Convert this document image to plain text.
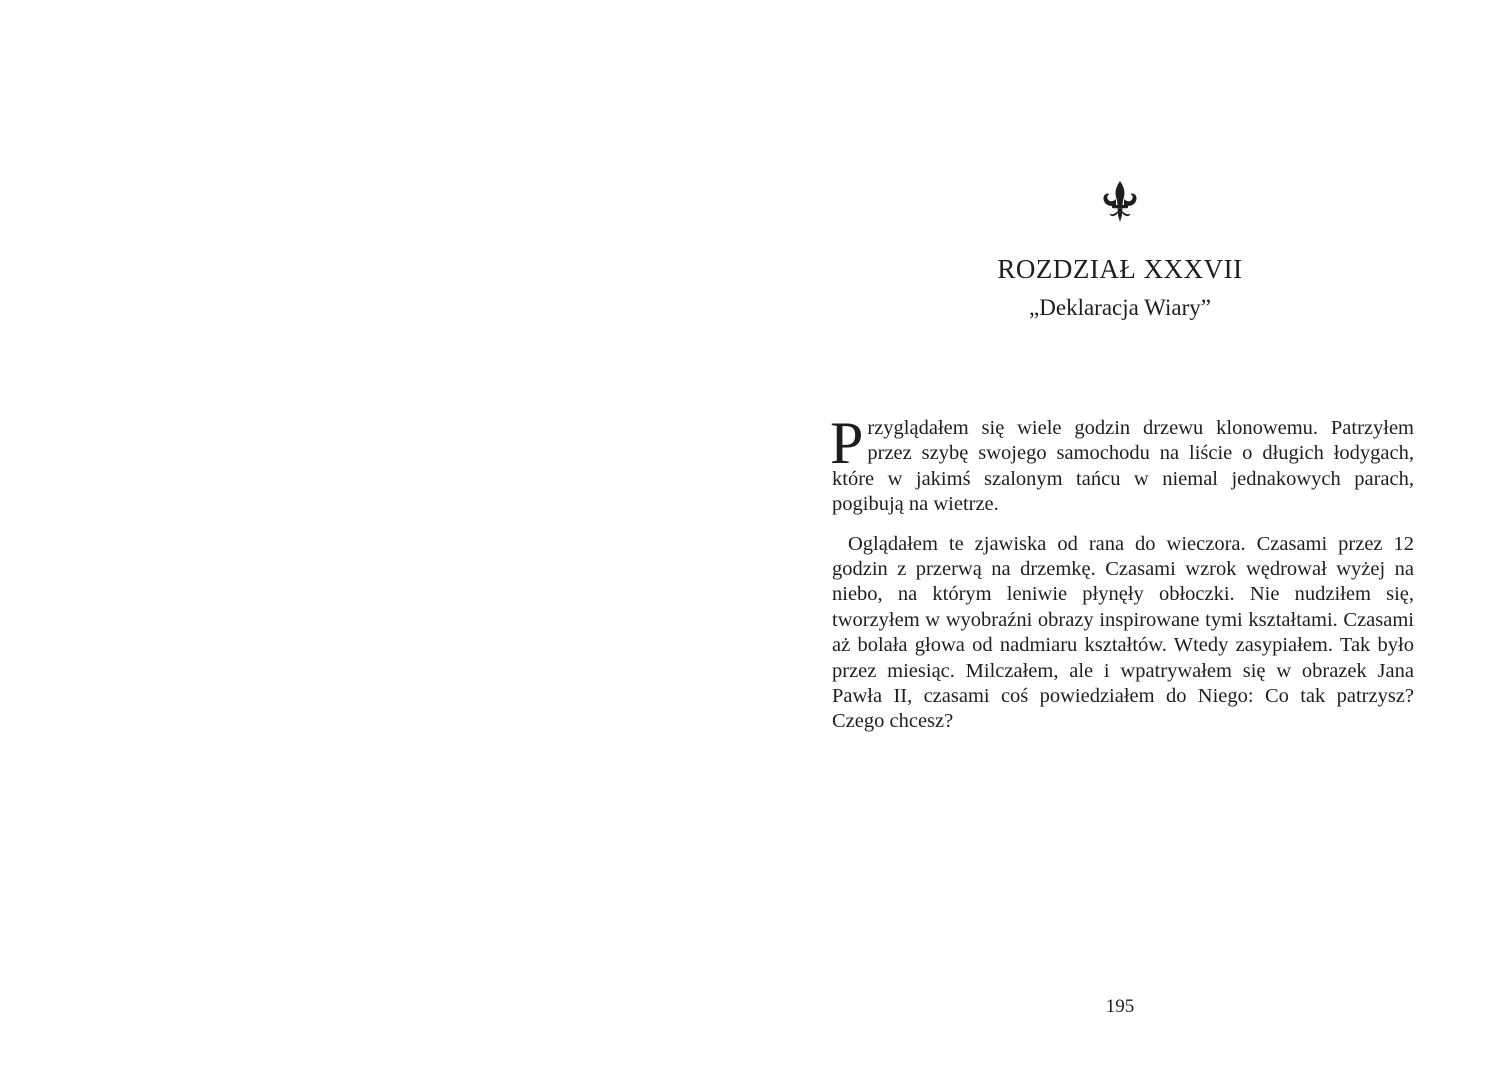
ROZDZIAŁ XXXVII
„Deklaracja Wiary”

Przyglądałem się wiele godzin drzewu klonowemu. Patrzyłem przez szybę swojego samochodu na liście o długich łodygach, które w jakimś szalonym tańcu w niemal jednakowych parach, pogibują na wietrze.

Oglądałem te zjawiska od rana do wieczora. Czasami przez 12 godzin z przerwą na drzemkę. Czasami wzrok wędrował wyżej na niebo, na którym leniwie płynęły obłoczki. Nie nudziłem się, tworzyłem w wyobraźni obrazy inspirowane tymi kształtami. Czasami aż bolała głowa od nadmiaru kształtów. Wtedy zasypiałem. Tak było przez miesiąc. Milczałem, ale i wpatrywałem się w obrazek Jana Pawła II, czasami coś powiedziałem do Niego: Co tak patrzysz? Czego chcesz?

195
